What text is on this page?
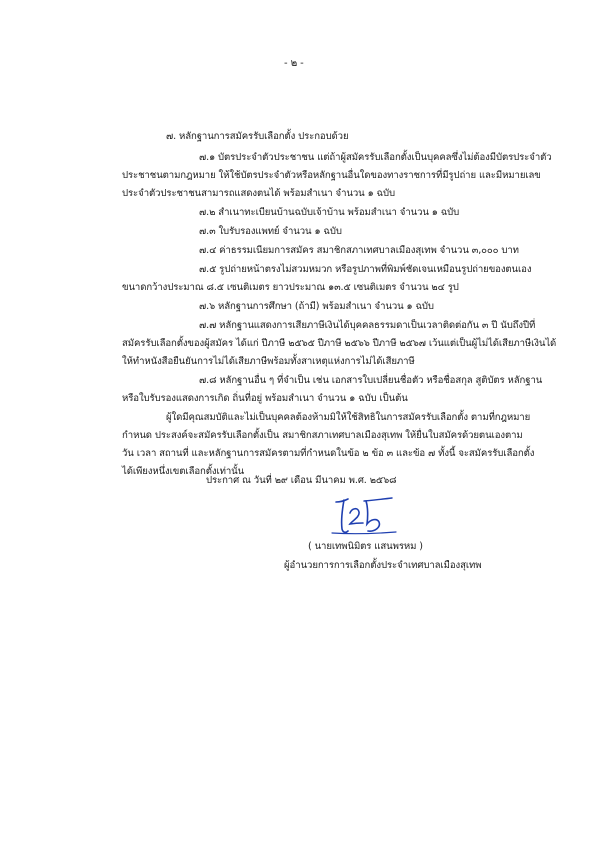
- ๒ -
๗. หลักฐานการสมัครรับเลือกตั้ง ประกอบด้วย
๗.๑ บัตรประจำตัวประชาชน แต่ถ้าผู้สมัครรับเลือกตั้งเป็นบุคคลซึ่งไม่ต้องมีบัตรประจำตัว
ประชาชนตามกฎหมาย ให้ใช้บัตรประจำตัวหรือหลักฐานอื่นใดของทางราชการที่มีรูปถ่าย และมีหมายเลข
ประจำตัวประชาชนสามารถแสดงตนได้ พร้อมสำเนา จำนวน ๑ ฉบับ
๗.๒ สำเนาทะเบียนบ้านฉบับเจ้าบ้าน พร้อมสำเนา จำนวน ๑ ฉบับ
๗.๓ ใบรับรองแพทย์ จำนวน ๑ ฉบับ
๗.๔ ค่าธรรมเนียมการสมัคร สมาชิกสภาเทศบาลเมืองสุเทพ จำนวน ๓,๐๐๐ บาท
๗.๕ รูปถ่ายหน้าตรงไม่สวมหมวก หรือรูปภาพที่พิมพ์ชัดเจนเหมือนรูปถ่ายของตนเอง
ขนาดกว้างประมาณ ๘.๕ เซนติเมตร ยาวประมาณ ๑๓.๕ เซนติเมตร จำนวน ๒๔ รูป
๗.๖ หลักฐานการศึกษา (ถ้ามี) พร้อมสำเนา จำนวน ๑ ฉบับ
๗.๗ หลักฐานแสดงการเสียภาษีเงินได้บุคคลธรรมดาเป็นเวลาติดต่อกัน ๓ ปี นับถึงปีที่
สมัครรับเลือกตั้งของผู้สมัคร ได้แก่ ปีภาษี ๒๕๖๕ ปีภาษี ๒๕๖๖ ปีภาษี ๒๕๖๗ เว้นแต่เป็นผู้ไม่ได้เสียภาษีเงินได้
ให้ทำหนังสือยืนยันการไม่ได้เสียภาษีพร้อมทั้งสาเหตุแห่งการไม่ได้เสียภาษี
๗.๘ หลักฐานอื่น ๆ ที่จำเป็น เช่น เอกสารใบเปลี่ยนชื่อตัว หรือชื่อสกุล สูติบัตร หลักฐาน
หรือใบรับรองแสดงการเกิด ถิ่นที่อยู่ พร้อมสำเนา จำนวน ๑ ฉบับ เป็นต้น
ผู้ใดมีคุณสมบัติและไม่เป็นบุคคลต้องห้ามมิให้ใช้สิทธิในการสมัครรับเลือกตั้ง ตามที่กฎหมาย
กำหนด ประสงค์จะสมัครรับเลือกตั้งเป็น สมาชิกสภาเทศบาลเมืองสุเทพ ให้ยื่นใบสมัครด้วยตนเองตาม
วัน เวลา สถานที่ และหลักฐานการสมัครตามที่กำหนดในข้อ ๒ ข้อ ๓ และข้อ ๗ ทั้งนี้ จะสมัครรับเลือกตั้ง
ได้เพียงหนึ่งเขตเลือกตั้งเท่านั้น
ประกาศ ณ วันที่ ๒๙ เดือน มีนาคม พ.ศ. ๒๕๖๘
( นายเทพนิมิตร แสนพรหม )
ผู้อำนวยการการเลือกตั้งประจำเทศบาลเมืองสุเทพ
